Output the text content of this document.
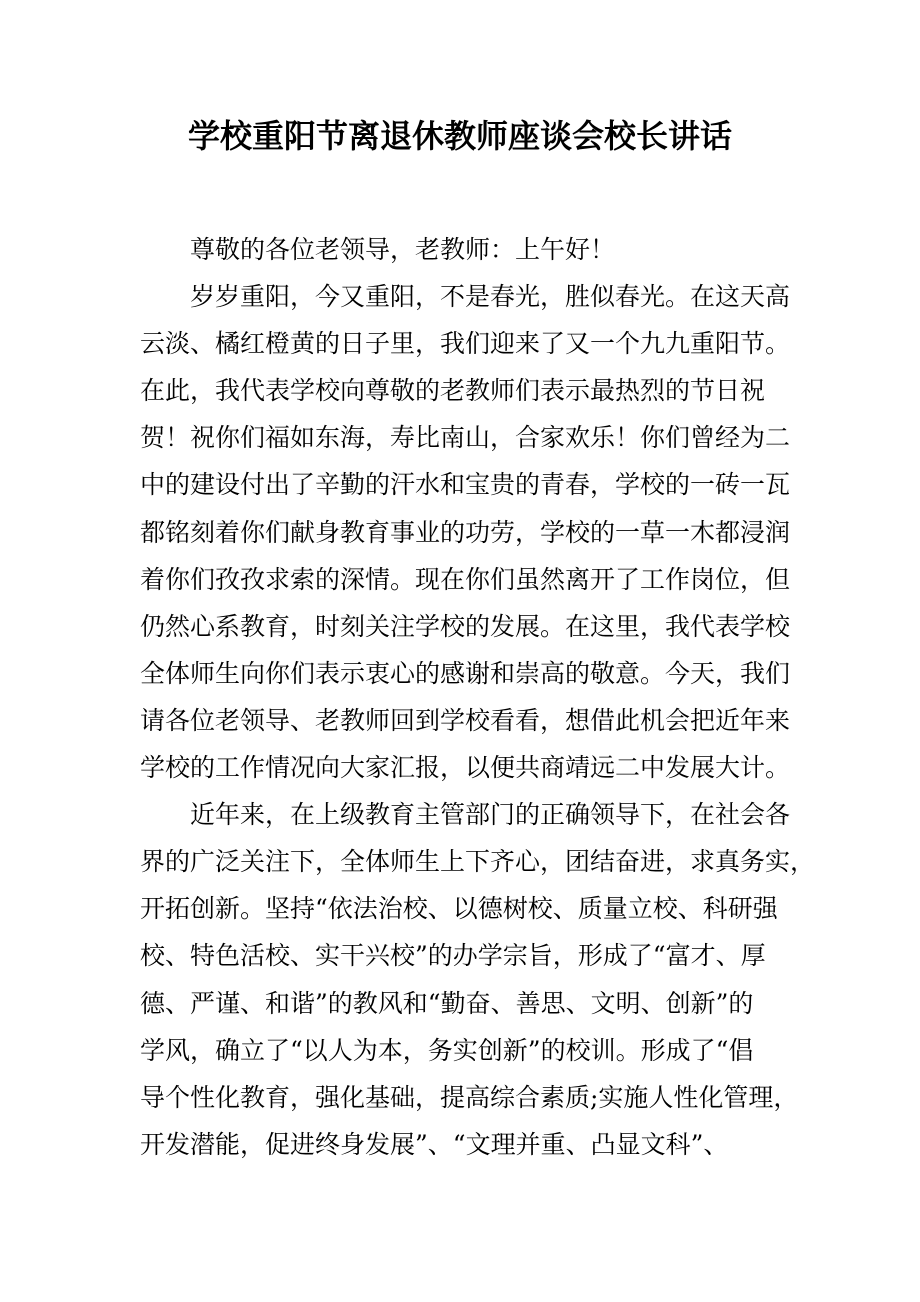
学校重阳节离退休教师座谈会校长讲话

尊敬的各位老领导，老教师：上午好！

岁岁重阳，今又重阳，不是春光，胜似春光。在这天高
云淡、橘红橙黄的日子里，我们迎来了又一个九九重阳节。
在此，我代表学校向尊敬的老教师们表示最热烈的节日祝
贺！祝你们福如东海，寿比南山，合家欢乐！你们曾经为二
中的建设付出了辛勤的汗水和宝贵的青春，学校的一砖一瓦
都铭刻着你们献身教育事业的功劳，学校的一草一木都浸润
着你们孜孜求索的深情。现在你们虽然离开了工作岗位，但
仍然心系教育，时刻关注学校的发展。在这里，我代表学校
全体师生向你们表示衷心的感谢和崇高的敬意。今天，我们
请各位老领导、老教师回到学校看看，想借此机会把近年来
学校的工作情况向大家汇报，以便共商靖远二中发展大计。

近年来，在上级教育主管部门的正确领导下，在社会各
界的广泛关注下，全体师生上下齐心，团结奋进，求真务实，
开拓创新。坚持“依法治校、以德树校、质量立校、科研强
校、特色活校、实干兴校”的办学宗旨，形成了“富才、厚
德、严谨、和谐”的教风和“勤奋、善思、文明、创新”的
学风，确立了“以人为本，务实创新”的校训。形成了“倡
导个性化教育，强化基础，提高综合素质;实施人性化管理，
开发潜能，促进终身发展”、“文理并重、凸显文科”、
